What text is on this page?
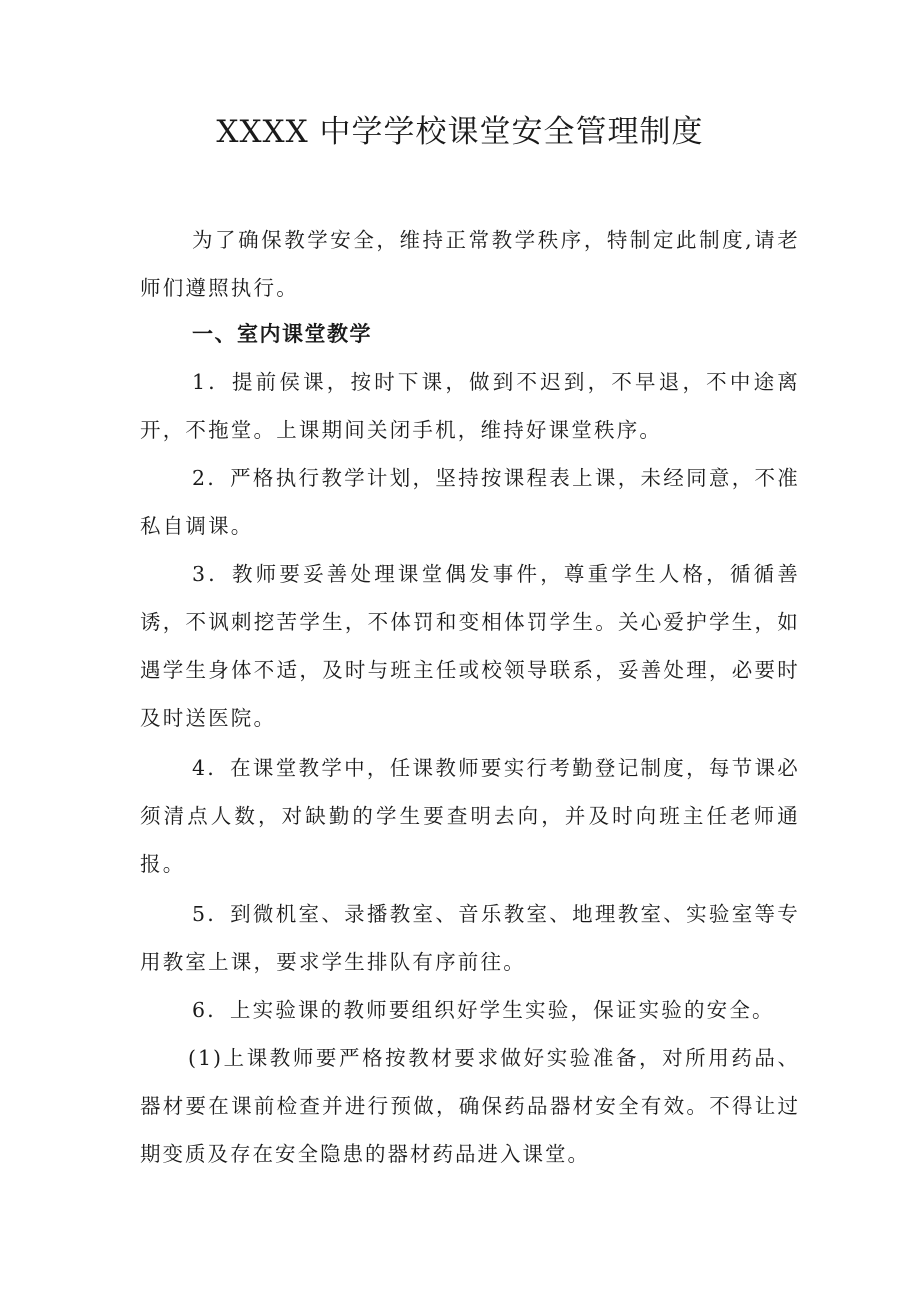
XXXX 中学学校课堂安全管理制度

为了确保教学安全，维持正常教学秩序，特制定此制度,请老师们遵照执行。

一、室内课堂教学

1．提前侯课，按时下课，做到不迟到，不早退，不中途离开，不拖堂。上课期间关闭手机，维持好课堂秩序。

2．严格执行教学计划，坚持按课程表上课，未经同意，不准私自调课。

3．教师要妥善处理课堂偶发事件，尊重学生人格，循循善诱，不讽刺挖苦学生，不体罚和变相体罚学生。关心爱护学生，如遇学生身体不适，及时与班主任或校领导联系，妥善处理，必要时及时送医院。

4．在课堂教学中，任课教师要实行考勤登记制度，每节课必须清点人数，对缺勤的学生要查明去向，并及时向班主任老师通报。

5．到微机室、录播教室、音乐教室、地理教室、实验室等专用教室上课，要求学生排队有序前往。

6．上实验课的教师要组织好学生实验，保证实验的安全。

(1)上课教师要严格按教材要求做好实验准备，对所用药品、器材要在课前检查并进行预做，确保药品器材安全有效。不得让过期变质及存在安全隐患的器材药品进入课堂。
